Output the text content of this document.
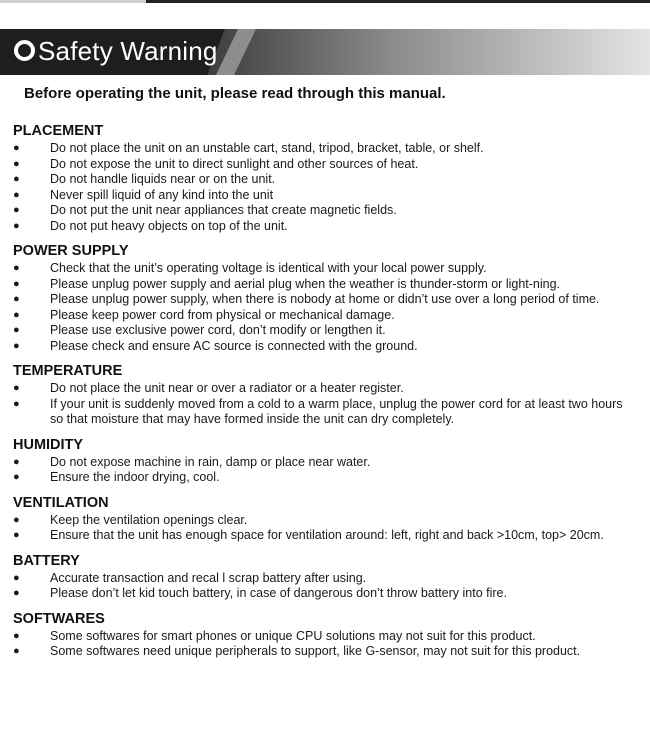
Safety Warning
Before operating the unit, please read through this manual.
PLACEMENT
● Do not place the unit on an unstable cart, stand, tripod, bracket, table, or shelf.
● Do not expose the unit to direct sunlight and other sources of heat.
● Do not handle liquids near or on the unit.
● Never spill liquid of any kind into the unit
● Do not put the unit near appliances that create magnetic fields.
● Do not put heavy objects on top of the unit.
POWER SUPPLY
● Check that the unit’s operating voltage is identical with your local power supply.
● Please unplug power supply and aerial plug when the weather is thunder-storm or light-ning.
● Please unplug power supply, when there is nobody at home or didn’t use over a long period of time.
● Please keep power cord from physical or mechanical damage.
● Please use exclusive power cord, don’t modify or lengthen it.
● Please check and ensure AC source is connected with the ground.
TEMPERATURE
● Do not place the unit near or over a radiator or a heater register.
● If your unit is suddenly moved from a cold to a warm place, unplug the power cord for at least two hours so that moisture that may have formed inside the unit can dry completely.
HUMIDITY
● Do not expose machine in rain, damp or place near water.
● Ensure the indoor drying, cool.
VENTILATION
● Keep the ventilation openings clear.
● Ensure that the unit has enough space for ventilation around: left, right and back >10cm, top> 20cm.
BATTERY
● Accurate transaction and recal l scrap battery after using.
● Please don’t let kid touch battery, in case of dangerous don’t throw battery into fire.
SOFTWARES
● Some softwares for smart phones or unique CPU solutions may not suit for this product.
● Some softwares need unique peripherals to support, like G-sensor, may not suit for this product.
